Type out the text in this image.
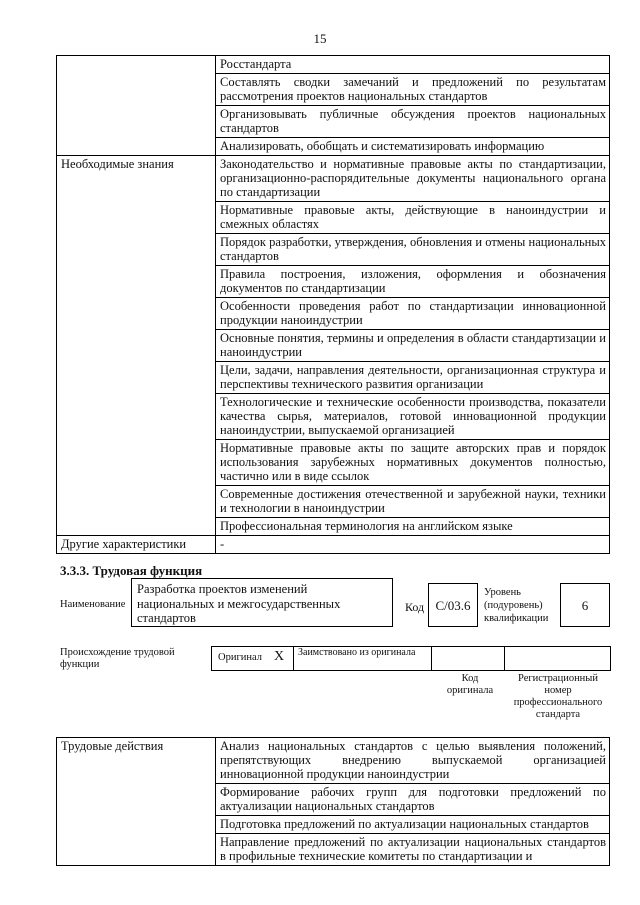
15
	Росстандарта
	Составлять сводки замечаний и предложений по результатам рассмотрения проектов национальных стандартов
	Организовывать публичные обсуждения проектов национальных стандартов
	Анализировать, обобщать и систематизировать информацию
Необходимые знания	Законодательство и нормативные правовые акты по стандартизации, организационно-распорядительные документы национального органа по стандартизации
	Нормативные правовые акты, действующие в наноиндустрии и смежных областях
	Порядок разработки, утверждения, обновления и отмены национальных стандартов
	Правила построения, изложения, оформления и обозначения документов по стандартизации
	Особенности проведения работ по стандартизации инновационной продукции наноиндустрии
	Основные понятия, термины и определения в области стандартизации и наноиндустрии
	Цели, задачи, направления деятельности, организационная структура и перспективы технического развития организации
	Технологические и технические особенности производства, показатели качества сырья, материалов, готовой инновационной продукции наноиндустрии, выпускаемой организацией
	Нормативные правовые акты по защите авторских прав и порядок использования зарубежных нормативных документов полностью, частично или в виде ссылок
	Современные достижения отечественной и зарубежной науки, техники и технологии в наноиндустрии
	Профессиональная терминология на английском языке
Другие характеристики	-
3.3.3. Трудовая функция
Наименование
Разработка проектов изменений национальных и межгосударственных стандартов
Код С/03.6
Уровень (подуровень) квалификации
6
Происхождение трудовой функции
Оригинал X Заимствовано из оригинала
Код оригинала
Регистрационный номер профессионального стандарта
Трудовые действия	Анализ национальных стандартов с целью выявления положений, препятствующих внедрению выпускаемой организацией инновационной продукции наноиндустрии
Формирование рабочих групп для подготовки предложений по актуализации национальных стандартов
Подготовка предложений по актуализации национальных стандартов
Направление предложений по актуализации национальных стандартов в профильные технические комитеты по стандартизации и
